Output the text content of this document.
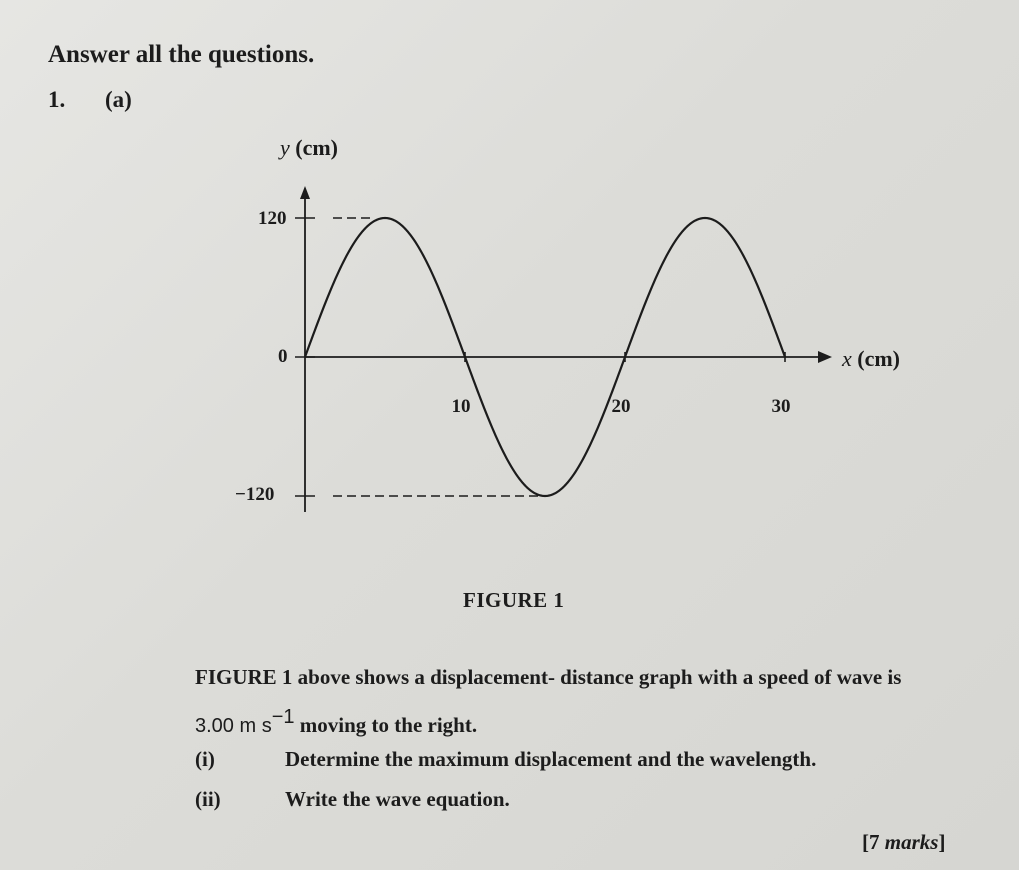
Answer all the questions.
1. (a)
120
0
−120
10	20	30
y (cm)
x (cm)
FIGURE 1
FIGURE 1 above shows a displacement- distance graph with a speed of wave is
3.00 m $s^{-1}$ moving to the right.
(i)	Determine the maximum displacement and the wavelength.
(ii)	Write the wave equation.
[7 marks]
